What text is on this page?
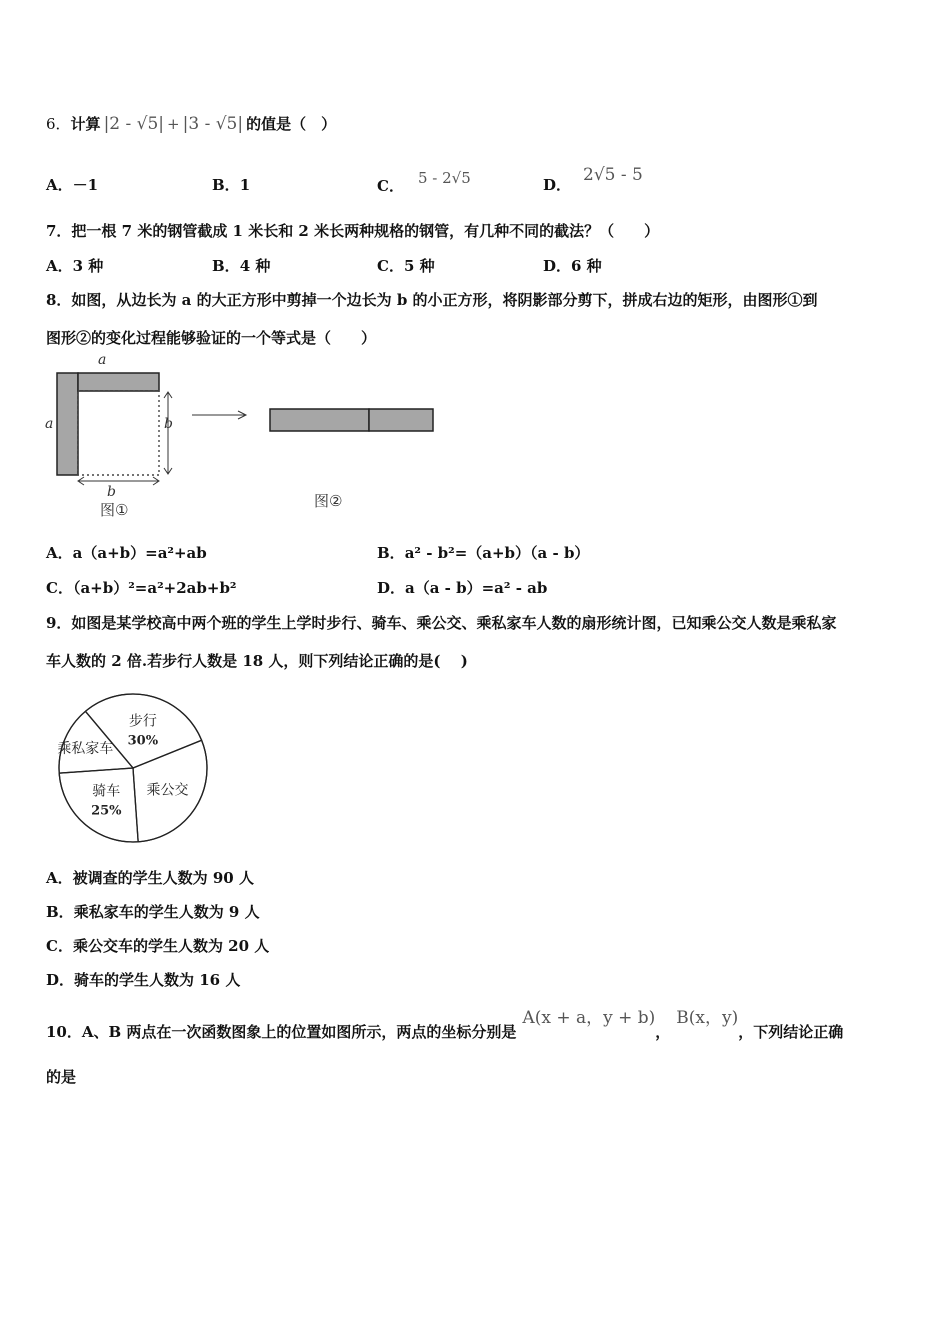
6．计算 |2 - √5| + |3 - √5| 的值是（　）
A．－1	B．1	C． 5 - 2√5	D． 2√5 - 5
7．把一根 7 米的钢管截成 1 米长和 2 米长两种规格的钢管，有几种不同的截法？（　　）
A．3 种	B．4 种	C．5 种	D．6 种
8．如图，从边长为 a 的大正方形中剪掉一个边长为 b 的小正方形，将阴影部分剪下，拼成右边的矩形，由图形①到
图形②的变化过程能够验证的一个等式是（　　）
a
a	b
b
图①	图②
A．a（a+b）=a²+ab	B．a² - b²=（a+b）（a - b）
C．（a+b）²=a²+2ab+b²	D．a（a - b）=a² - ab
9．如图是某学校高中两个班的学生上学时步行、骑车、乘公交、乘私家车人数的扇形统计图，已知乘公交人数是乘私家
车人数的 2 倍.若步行人数是 18 人，则下列结论正确的是(　 )
步行
30%
乘公交
骑车
25%
乘私家车
A．被调查的学生人数为 90 人
B．乘私家车的学生人数为 9 人
C．乘公交车的学生人数为 20 人
D．骑车的学生人数为 16 人
10．A、B 两点在一次函数图象上的位置如图所示，两点的坐标分别是A(x + a，y + b)，B(x，y)，下列结论正确
的是
